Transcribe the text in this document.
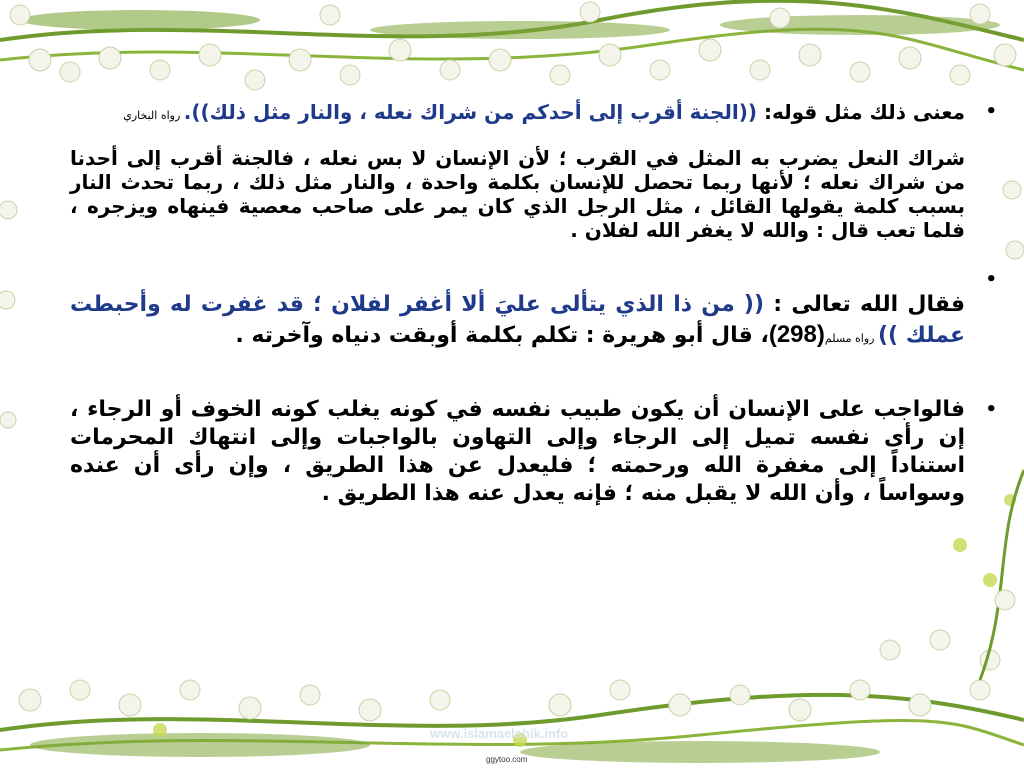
•
معنى ذلك مثل قوله: ((الجنة أقرب إلى أحدكم من شراك نعله ، والنار مثل ذلك)). رواه البخاري
شراك النعل يضرب به المثل في القرب ؛ لأن الإنسان لا بس نعله ، فالجنة أقرب إلى أحدنا من شراك نعله ؛ لأنها ربما تحصل للإنسان بكلمة واحدة ، والنار مثل ذلك ، ربما تحدث النار بسبب كلمة يقولها القائل ، مثل الرجل الذي كان يمر على صاحب معصية فينهاه ويزجره ، فلما تعب قال : والله لا يغفر الله لفلان .
•
فقال الله تعالى : (( من ذا الذي يتألى عليَ ألا أغفر لفلان ؛ قد غفرت له وأحبطت عملك )) رواه مسلم(298)، قال أبو هريرة : تكلم بكلمة أوبقت دنياه وآخرته .
•
فالواجب على الإنسان أن يكون طبيب نفسه في كونه يغلب كونه الخوف أو الرجاء ، إن رأى نفسه تميل إلى الرجاء وإلى التهاون بالواجبات وإلى انتهاك المحرمات استناداً إلى مغفرة الله ورحمته ؛ فليعدل عن هذا الطريق ، وإن رأى أن عنده وسواساً ، وأن الله لا يقبل منه ؛ فإنه يعدل عنه هذا الطريق .
www.islamaelshik.info
ggytoo.com
